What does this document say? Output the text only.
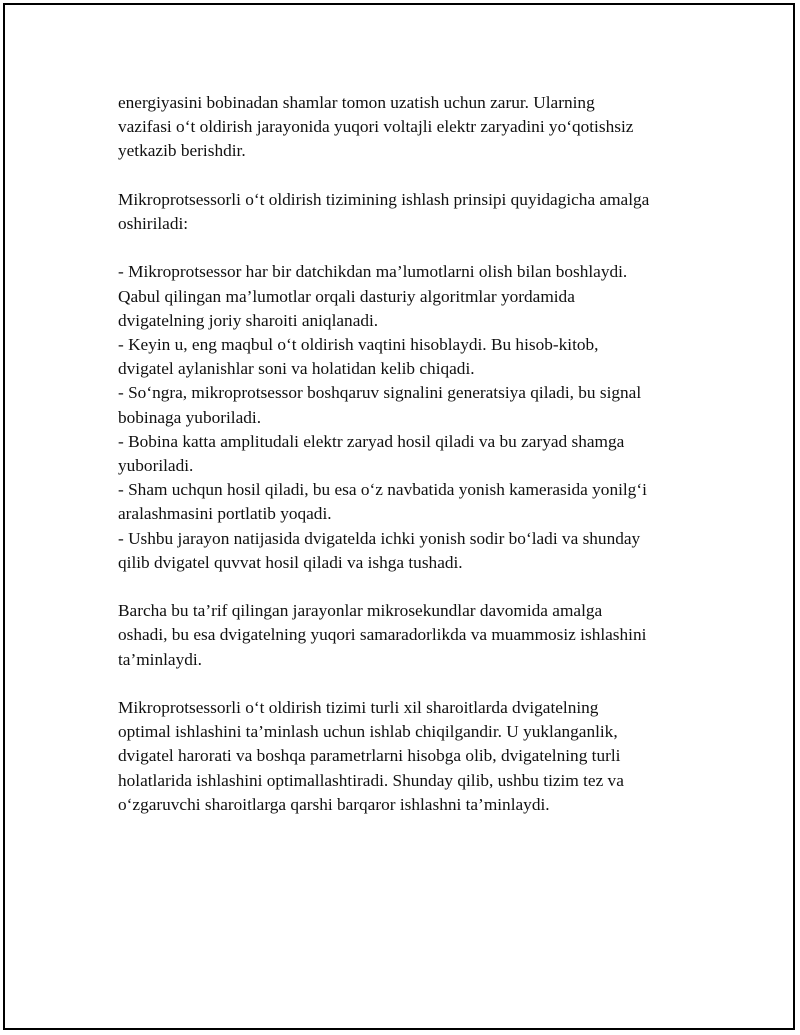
energiyasini bobinadan shamlar tomon uzatish uchun zarur. Ularning
vazifasi o‘t oldirish jarayonida yuqori voltajli elektr zaryadini yo‘qotishsiz
yetkazib berishdir.

Mikroprotsessorli o‘t oldirish tizimining ishlash prinsipi quyidagicha amalga
oshiriladi:

- Mikroprotsessor har bir datchikdan ma’lumotlarni olish bilan boshlaydi.
Qabul qilingan ma’lumotlar orqali dasturiy algoritmlar yordamida
dvigatelning joriy sharoiti aniqlanadi.
- Keyin u, eng maqbul o‘t oldirish vaqtini hisoblaydi. Bu hisob-kitob,
dvigatel aylanishlar soni va holatidan kelib chiqadi.
- So‘ngra, mikroprotsessor boshqaruv signalini generatsiya qiladi, bu signal
bobinaga yuboriladi.
- Bobina katta amplitudali elektr zaryad hosil qiladi va bu zaryad shamga
yuboriladi.
- Sham uchqun hosil qiladi, bu esa o‘z navbatida yonish kamerasida yonilg‘i
aralashmasini portlatib yoqadi.
- Ushbu jarayon natijasida dvigatelda ichki yonish sodir bo‘ladi va shunday
qilib dvigatel quvvat hosil qiladi va ishga tushadi.

Barcha bu ta’rif qilingan jarayonlar mikrosekundlar davomida amalga
oshadi, bu esa dvigatelning yuqori samaradorlikda va muammosiz ishlashini
ta’minlaydi.

Mikroprotsessorli o‘t oldirish tizimi turli xil sharoitlarda dvigatelning
optimal ishlashini ta’minlash uchun ishlab chiqilgandir. U yuklanganlik,
dvigatel harorati va boshqa parametrlarni hisobga olib, dvigatelning turli
holatlarida ishlashini optimallashtiradi. Shunday qilib, ushbu tizim tez va
o‘zgaruvchi sharoitlarga qarshi barqaror ishlashni ta’minlaydi.
